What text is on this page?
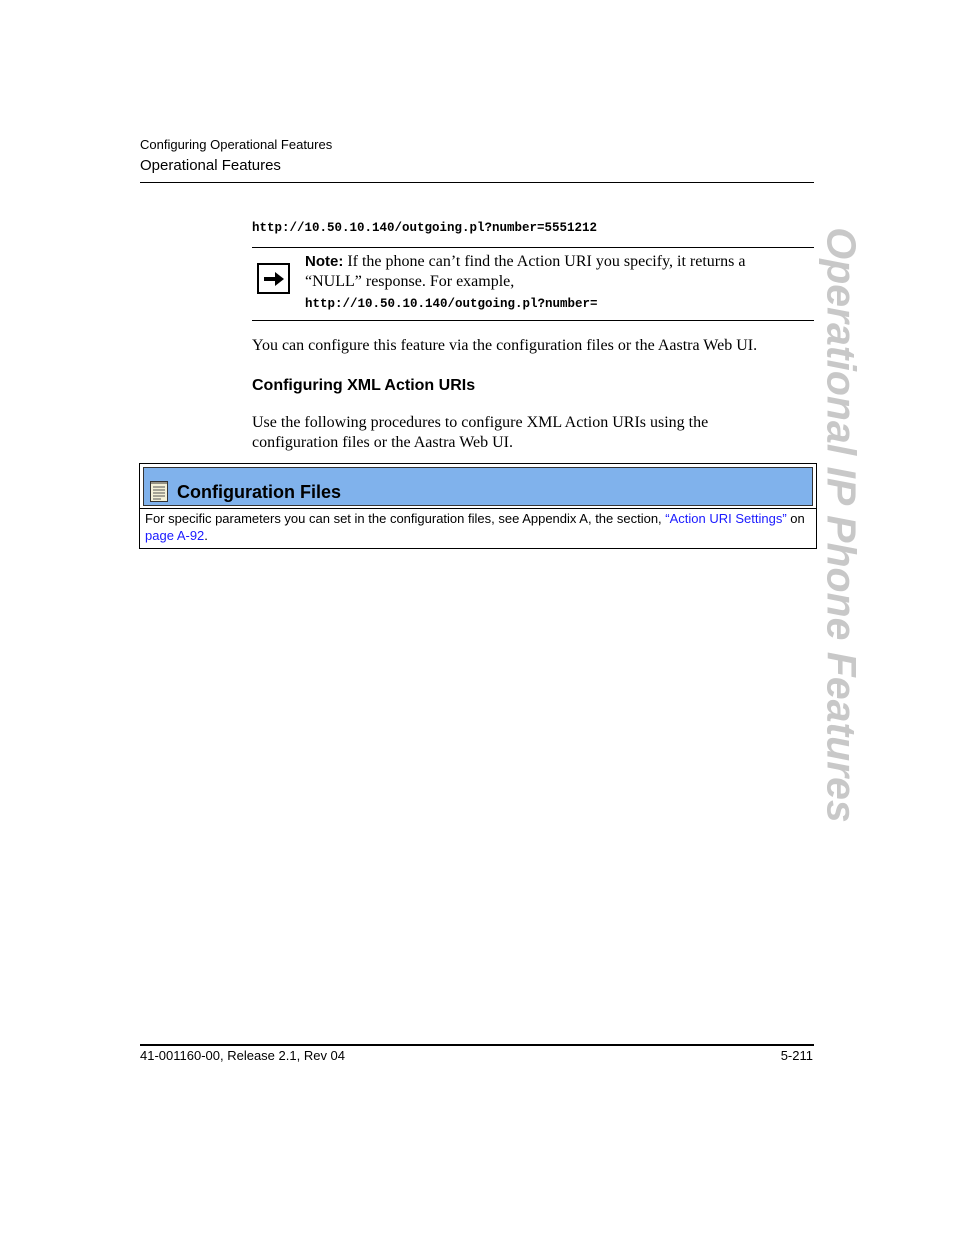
Configuring Operational Features
Operational Features
http://10.50.10.140/outgoing.pl?number=5551212
Note: If the phone can’t find the Action URI you specify, it returns a “NULL” response. For example,
http://10.50.10.140/outgoing.pl?number=
You can configure this feature via the configuration files or the Aastra Web UI.
Configuring XML Action URIs
Use the following procedures to configure XML Action URIs using the configuration files or the Aastra Web UI.
Configuration Files
For specific parameters you can set in the configuration files, see Appendix A, the section, “Action URI Settings” on page A-92.	Operational IP Phone Features
41-001160-00, Release 2.1, Rev 04	5-211
